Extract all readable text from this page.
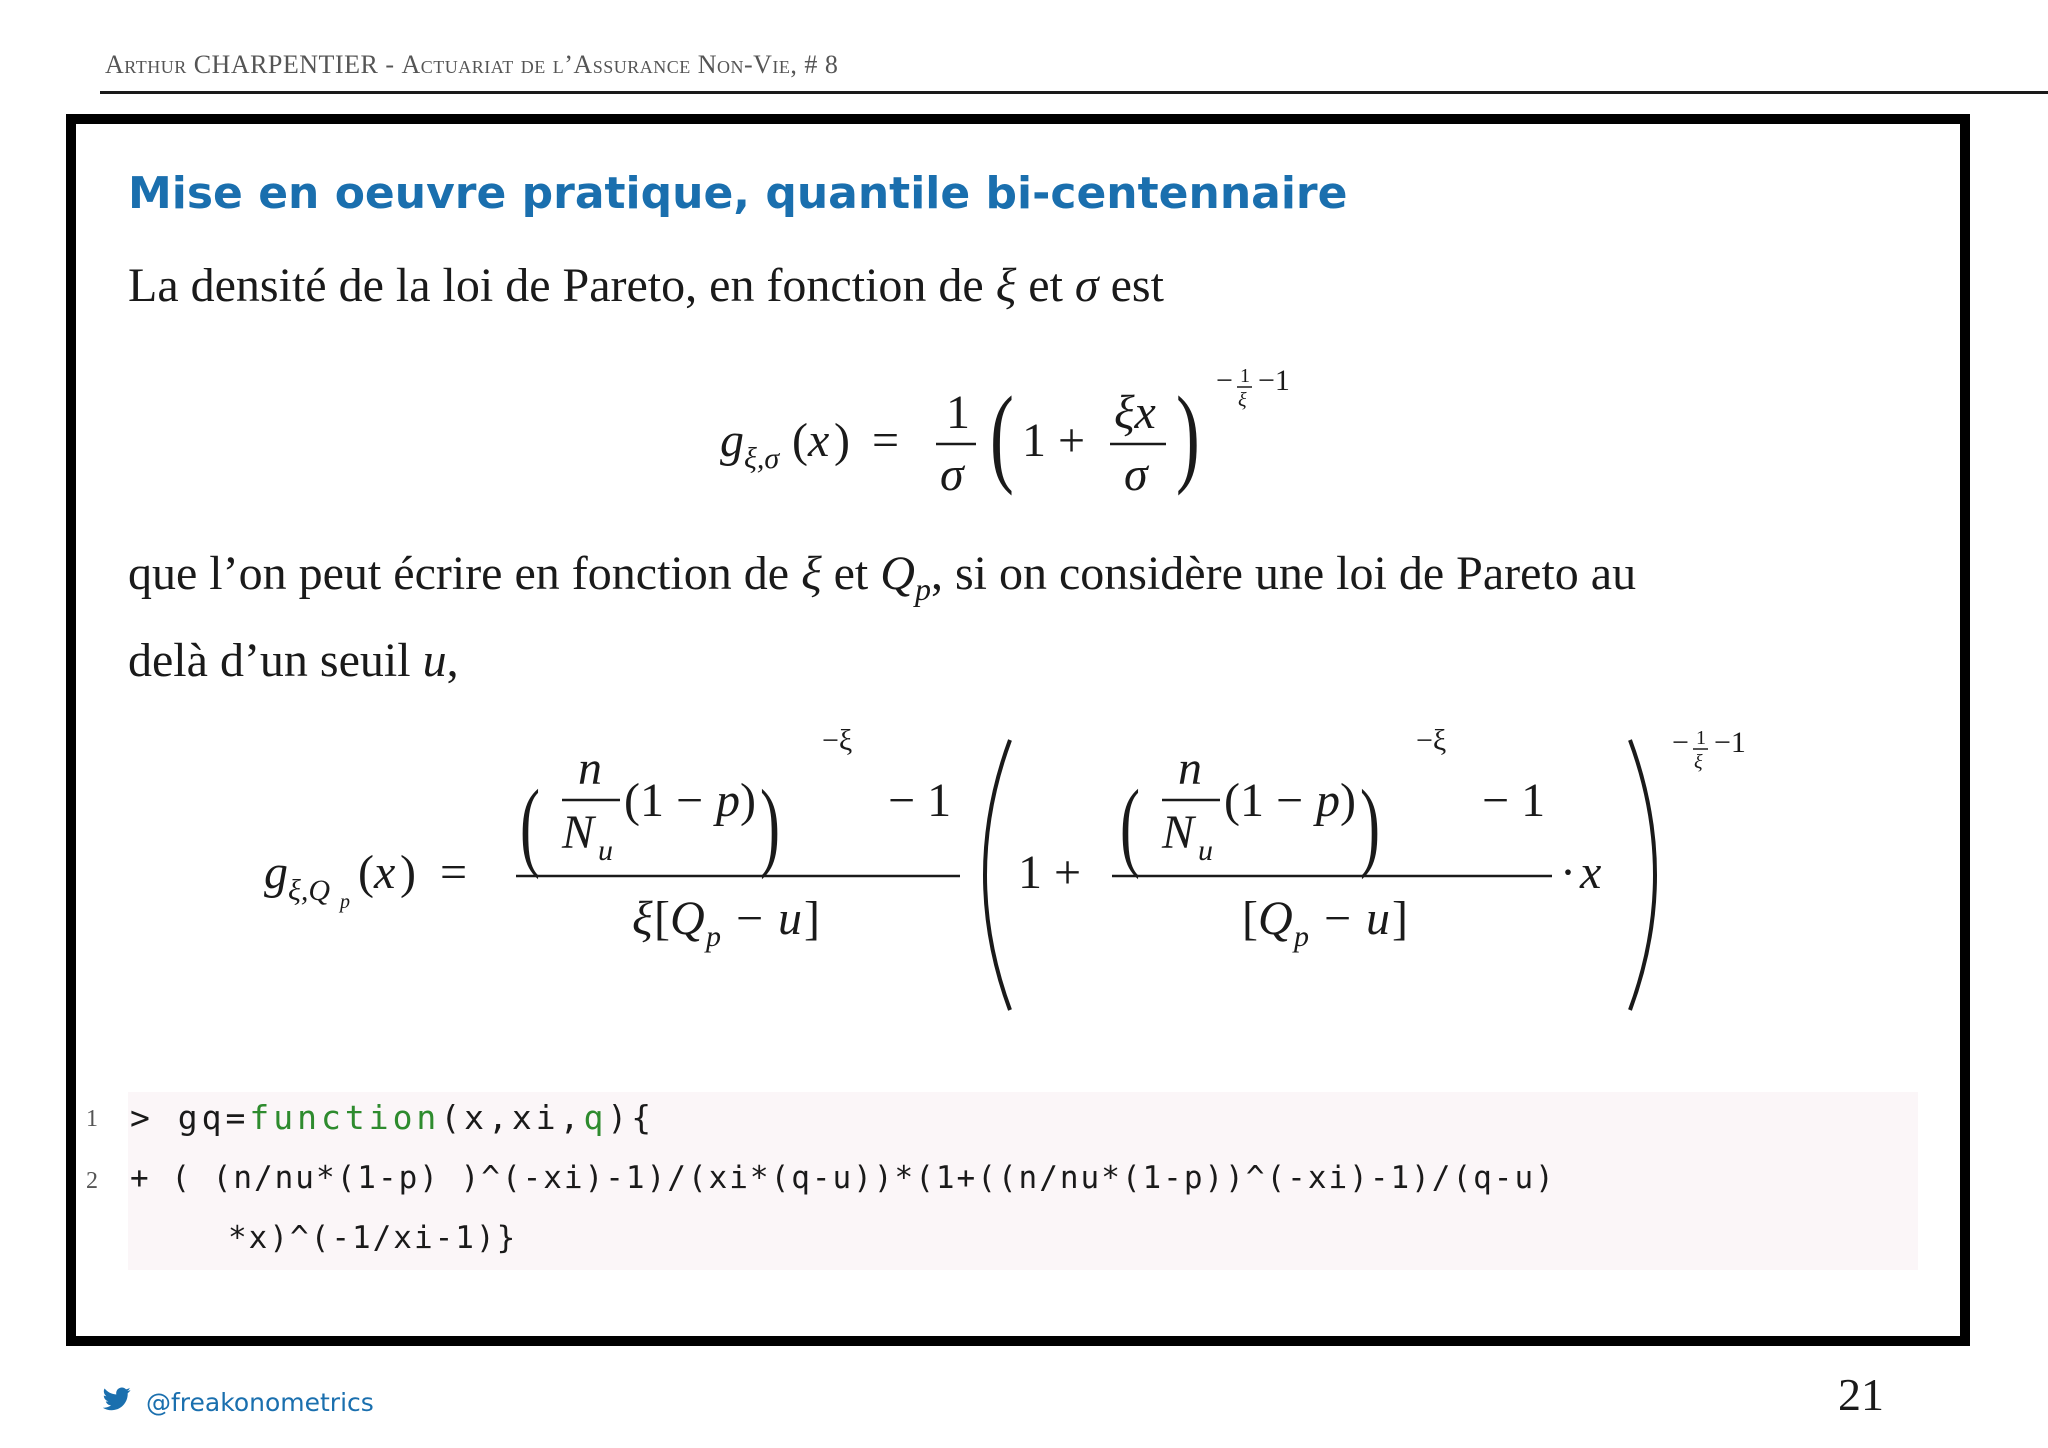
Arthur CHARPENTIER - Actuariat de l’Assurance Non-Vie, # 8
Mise en oeuvre pratique, quantile bi-centennaire
La densité de la loi de Pareto, en fonction de ξ et σ est
g ξ,σ ( x ) =
1
σ ( 1 +
ξx
σ ) − 1
ξ
−1
que l’on peut écrire en fonction de ξ et $Q_p$, si on considère une loi de Pareto au
delà d’un seuil u,
g ξ,Q p
( x ) = (
n
N u
(1 − p ) )
−ξ
− 1
ξ [ Q p − u ]
1 + (
n
N u
(1 − p ) )
−ξ
− 1
[ Q p − u ]
· x
− 1
ξ
−1
1 > gq=function(x,xi,q){
2 + ( (n/nu*(1-p) )^(-xi)-1)/(xi*(q-u))*(1+((n/nu*(1-p))^(-xi)-1)/(q-u)
*x)^(-1/xi-1)}
@freakonometrics	21
